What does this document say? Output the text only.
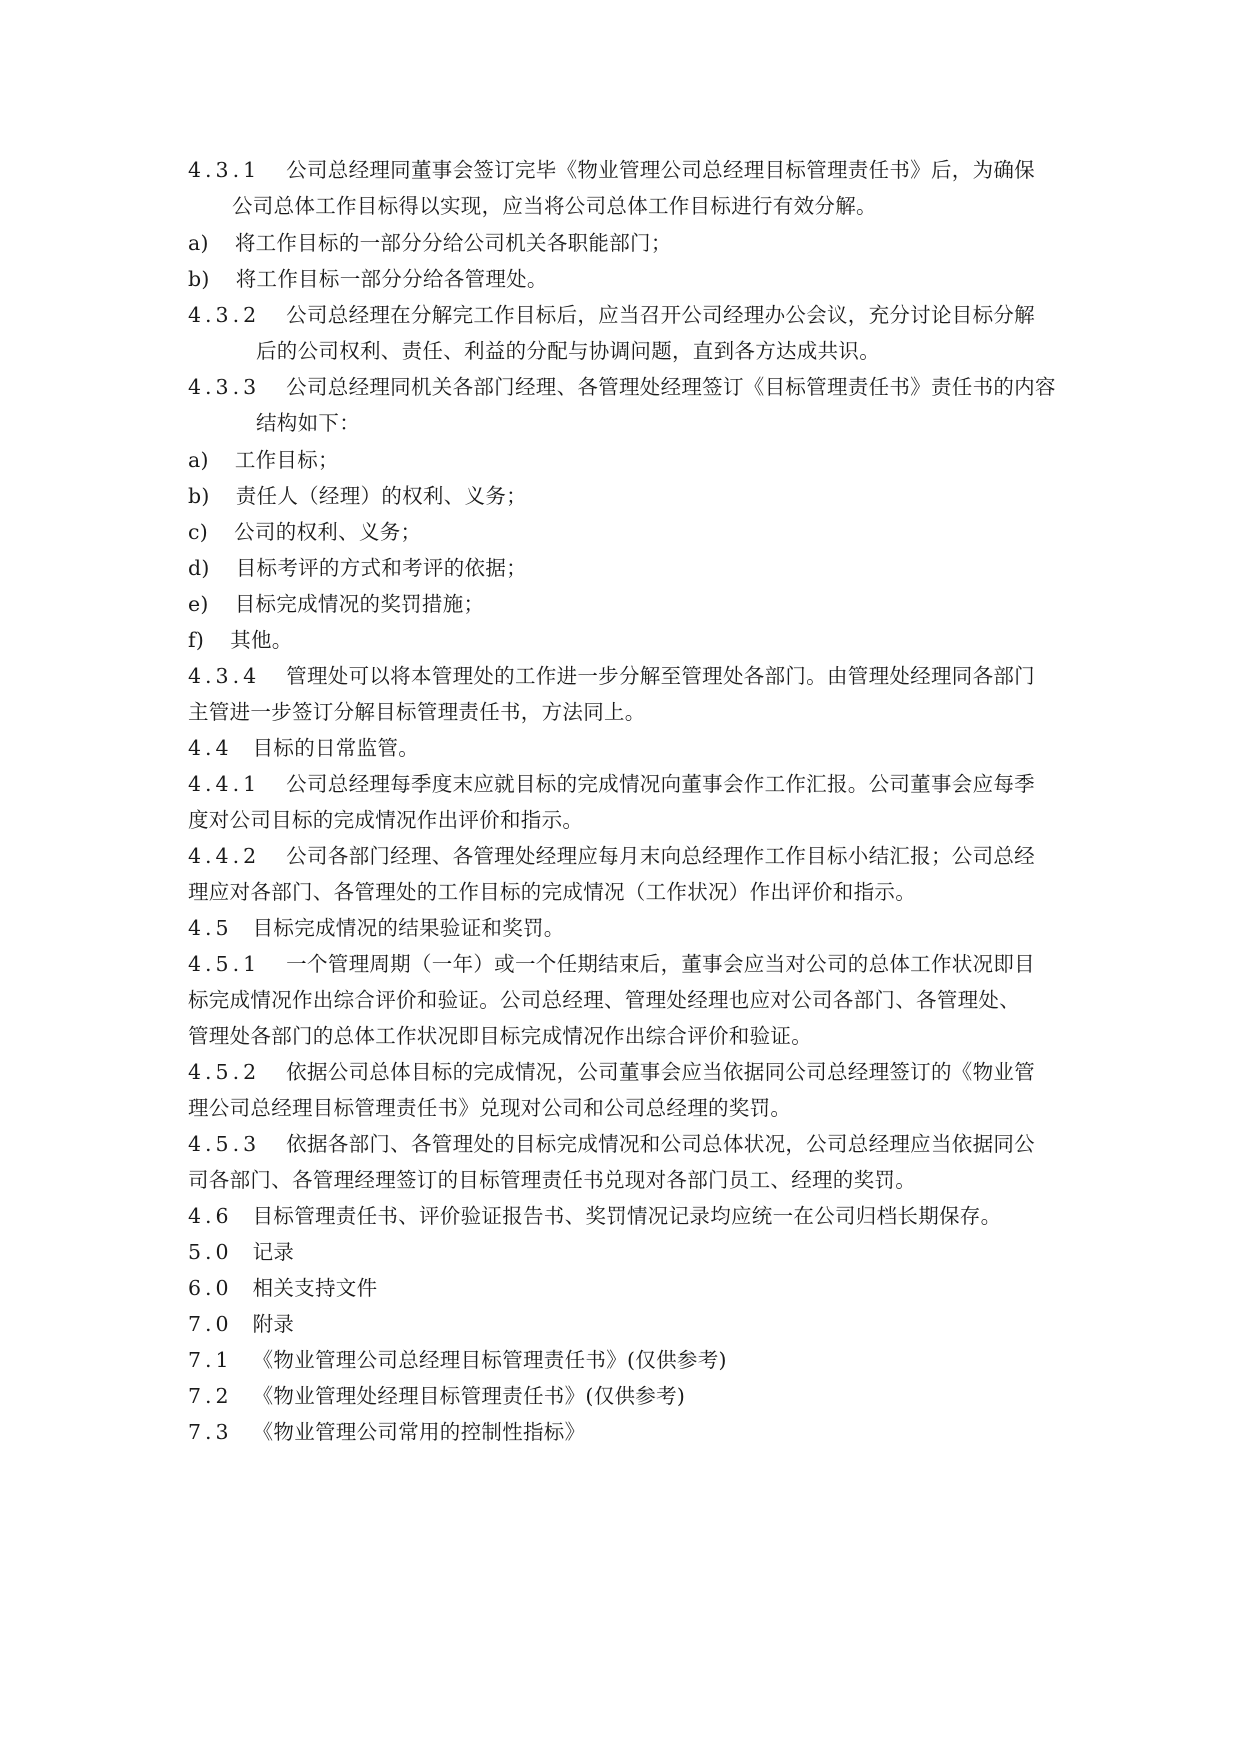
4.3.1 公司总经理同董事会签订完毕《物业管理公司总经理目标管理责任书》后，为确保
公司总体工作目标得以实现，应当将公司总体工作目标进行有效分解。
a) 将工作目标的一部分分给公司机关各职能部门；
b) 将工作目标一部分分给各管理处。
4.3.2 公司总经理在分解完工作目标后，应当召开公司经理办公会议，充分讨论目标分解
后的公司权利、责任、利益的分配与协调问题，直到各方达成共识。
4.3.3 公司总经理同机关各部门经理、各管理处经理签订《目标管理责任书》责任书的内容
结构如下：
a) 工作目标；
b) 责任人（经理）的权利、义务；
c) 公司的权利、义务；
d) 目标考评的方式和考评的依据；
e) 目标完成情况的奖罚措施；
f) 其他。
4.3.4 管理处可以将本管理处的工作进一步分解至管理处各部门。由管理处经理同各部门
主管进一步签订分解目标管理责任书，方法同上。
4.4 目标的日常监管。
4.4.1 公司总经理每季度末应就目标的完成情况向董事会作工作汇报。公司董事会应每季
度对公司目标的完成情况作出评价和指示。
4.4.2 公司各部门经理、各管理处经理应每月末向总经理作工作目标小结汇报；公司总经
理应对各部门、各管理处的工作目标的完成情况（工作状况）作出评价和指示。
4.5 目标完成情况的结果验证和奖罚。
4.5.1 一个管理周期（一年）或一个任期结束后，董事会应当对公司的总体工作状况即目
标完成情况作出综合评价和验证。公司总经理、管理处经理也应对公司各部门、各管理处、
管理处各部门的总体工作状况即目标完成情况作出综合评价和验证。
4.5.2 依据公司总体目标的完成情况，公司董事会应当依据同公司总经理签订的《物业管
理公司总经理目标管理责任书》兑现对公司和公司总经理的奖罚。
4.5.3 依据各部门、各管理处的目标完成情况和公司总体状况，公司总经理应当依据同公
司各部门、各管理经理签订的目标管理责任书兑现对各部门员工、经理的奖罚。
4.6 目标管理责任书、评价验证报告书、奖罚情况记录均应统一在公司归档长期保存。
5.0 记录
6.0 相关支持文件
7.0 附录
7.1 《物业管理公司总经理目标管理责任书》(仅供参考)
7.2 《物业管理处经理目标管理责任书》(仅供参考)
7.3 《物业管理公司常用的控制性指标》
